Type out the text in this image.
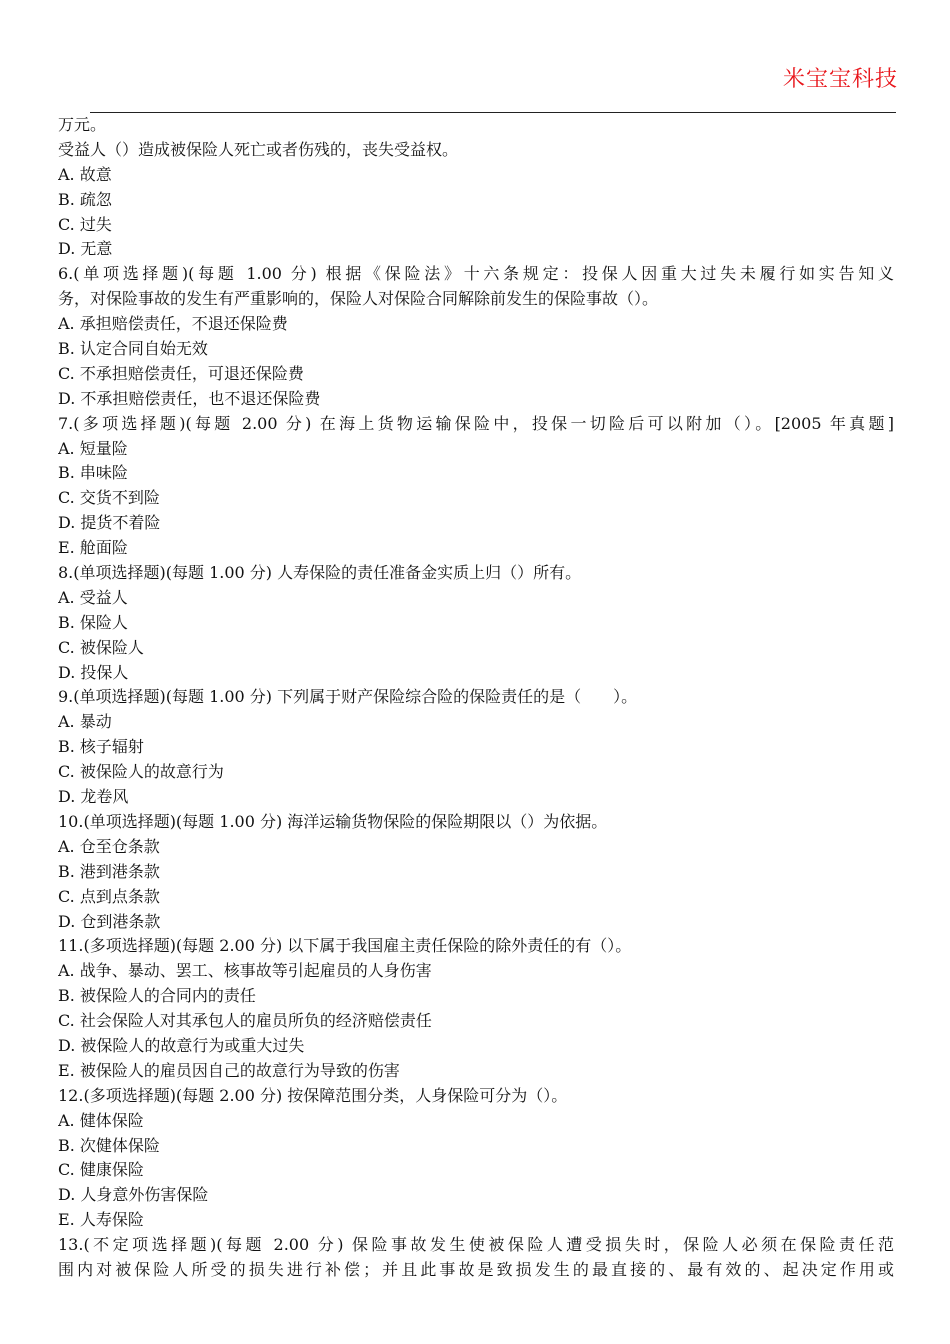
米宝宝科技
万元。
受益人（）造成被保险人死亡或者伤残的，丧失受益权。
A. 故意
B. 疏忽
C. 过失
D. 无意
6.(单项选择题)(每题 1.00 分) 根据《保险法》十六条规定：投保人因重大过失未履行如实告知义
务，对保险事故的发生有严重影响的，保险人对保险合同解除前发生的保险事故（）。
A. 承担赔偿责任，不退还保险费
B. 认定合同自始无效
C. 不承担赔偿责任，可退还保险费
D. 不承担赔偿责任，也不退还保险费
7.(多项选择题)(每题 2.00 分) 在海上货物运输保险中，投保一切险后可以附加（）。[2005 年真题]
A. 短量险
B. 串味险
C. 交货不到险
D. 提货不着险
E. 舱面险
8.(单项选择题)(每题 1.00 分) 人寿保险的责任准备金实质上归（）所有。
A. 受益人
B. 保险人
C. 被保险人
D. 投保人
9.(单项选择题)(每题 1.00 分) 下列属于财产保险综合险的保险责任的是（　　）。
A. 暴动
B. 核子辐射
C. 被保险人的故意行为
D. 龙卷风
10.(单项选择题)(每题 1.00 分) 海洋运输货物保险的保险期限以（）为依据。
A. 仓至仓条款
B. 港到港条款
C. 点到点条款
D. 仓到港条款
11.(多项选择题)(每题 2.00 分) 以下属于我国雇主责任保险的除外责任的有（）。
A. 战争、暴动、罢工、核事故等引起雇员的人身伤害
B. 被保险人的合同内的责任
C. 社会保险人对其承包人的雇员所负的经济赔偿责任
D. 被保险人的故意行为或重大过失
E. 被保险人的雇员因自己的故意行为导致的伤害
12.(多项选择题)(每题 2.00 分) 按保障范围分类，人身保险可分为（）。
A. 健体保险
B. 次健体保险
C. 健康保险
D. 人身意外伤害保险
E. 人寿保险
13.(不定项选择题)(每题 2.00 分) 保险事故发生使被保险人遭受损失时，保险人必须在保险责任范
围内对被保险人所受的损失进行补偿；并且此事故是致损发生的最直接的、最有效的、起决定作用或
